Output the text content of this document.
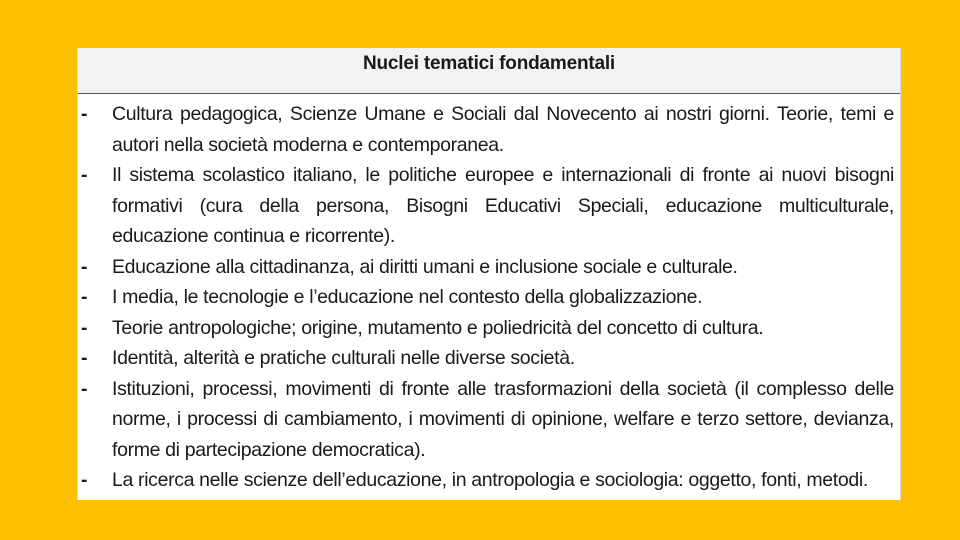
Nuclei tematici fondamentali
-	Cultura pedagogica, Scienze Umane e Sociali dal Novecento ai nostri giorni. Teorie, temi e autori nella società moderna e contemporanea.
-	Il sistema scolastico italiano, le politiche europee e internazionali di fronte ai nuovi bisogni formativi (cura della persona, Bisogni Educativi Speciali, educazione multiculturale, educazione continua e ricorrente).
-	Educazione alla cittadinanza, ai diritti umani e inclusione sociale e culturale.
-	I media, le tecnologie e l’educazione nel contesto della globalizzazione.
-	Teorie antropologiche; origine, mutamento e poliedricità del concetto di cultura.
-	Identità, alterità e pratiche culturali nelle diverse società.
-	Istituzioni, processi, movimenti di fronte alle trasformazioni della società (il complesso delle norme, i processi di cambiamento, i movimenti di opinione, welfare e terzo settore, devianza, forme di partecipazione democratica).
-	La ricerca nelle scienze dell’educazione, in antropologia e sociologia: oggetto, fonti, metodi.
